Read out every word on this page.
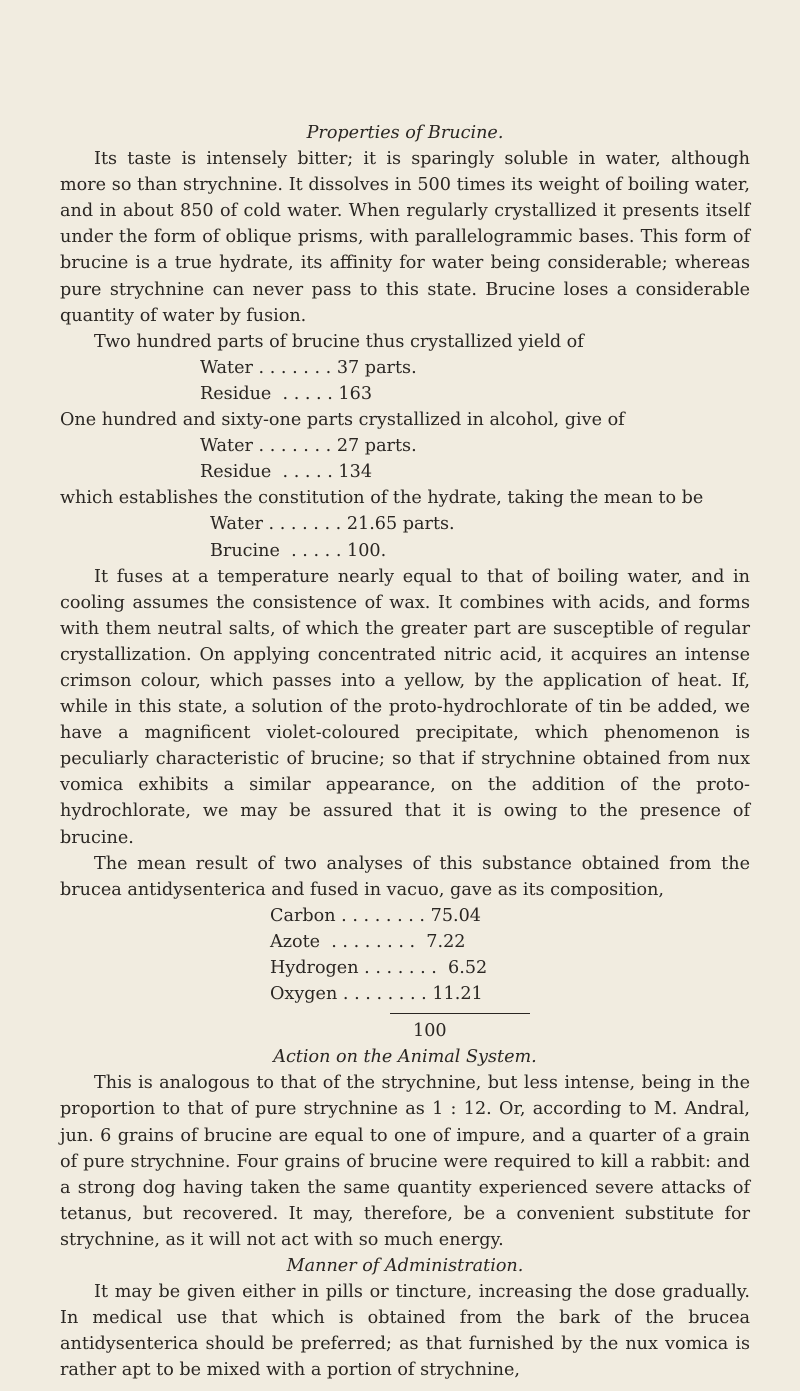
Properties of Brucine.

Its taste is intensely bitter; it is sparingly soluble in water, although more so than strychnine. It dissolves in 500 times its weight of boiling water, and in about 850 of cold water. When regularly crystallized it presents itself under the form of oblique prisms, with parallelogrammic bases. This form of brucine is a true hydrate, its affinity for water being considerable; whereas pure strychnine can never pass to this state. Brucine loses a considerable quantity of water by fusion.

Two hundred parts of brucine thus crystallized yield of

Water . . . . . . . 37 parts.
Residue  . . . . . 163

One hundred and sixty-one parts crystallized in alcohol, give of

Water . . . . . . . 27 parts.
Residue  . . . . . 134

which establishes the constitution of the hydrate, taking the mean to be

Water . . . . . . . 21.65 parts.
Brucine  . . . . . 100.

It fuses at a temperature nearly equal to that of boiling water, and in cooling assumes the consistence of wax. It combines with acids, and forms with them neutral salts, of which the greater part are susceptible of regular crystallization. On applying concentrated nitric acid, it acquires an intense crimson colour, which passes into a yellow, by the application of heat. If, while in this state, a solution of the proto-hydrochlorate of tin be added, we have a magnificent violet-coloured precipitate, which phenomenon is peculiarly characteristic of brucine; so that if strychnine obtained from nux vomica exhibits a similar appearance, on the addition of the proto-hydrochlorate, we may be assured that it is owing to the presence of brucine.

The mean result of two analyses of this substance obtained from the brucea antidysenterica and fused in vacuo, gave as its composition,

Carbon . . . . . . . . 75.04
Azote  . . . . . . . .  7.22
Hydrogen . . . . . . .  6.52
Oxygen . . . . . . . . 11.21
100

Action on the Animal System.

This is analogous to that of the strychnine, but less intense, being in the proportion to that of pure strychnine as 1 : 12. Or, according to M. Andral, jun. 6 grains of brucine are equal to one of impure, and a quarter of a grain of pure strychnine. Four grains of brucine were required to kill a rabbit: and a strong dog having taken the same quantity experienced severe attacks of tetanus, but recovered. It may, therefore, be a convenient substitute for strychnine, as it will not act with so much energy.

Manner of Administration.

It may be given either in pills or tincture, increasing the dose gradually. In medical use that which is obtained from the bark of the brucea antidysenterica should be preferred; as that furnished by the nux vomica is rather apt to be mixed with a portion of strychnine,
